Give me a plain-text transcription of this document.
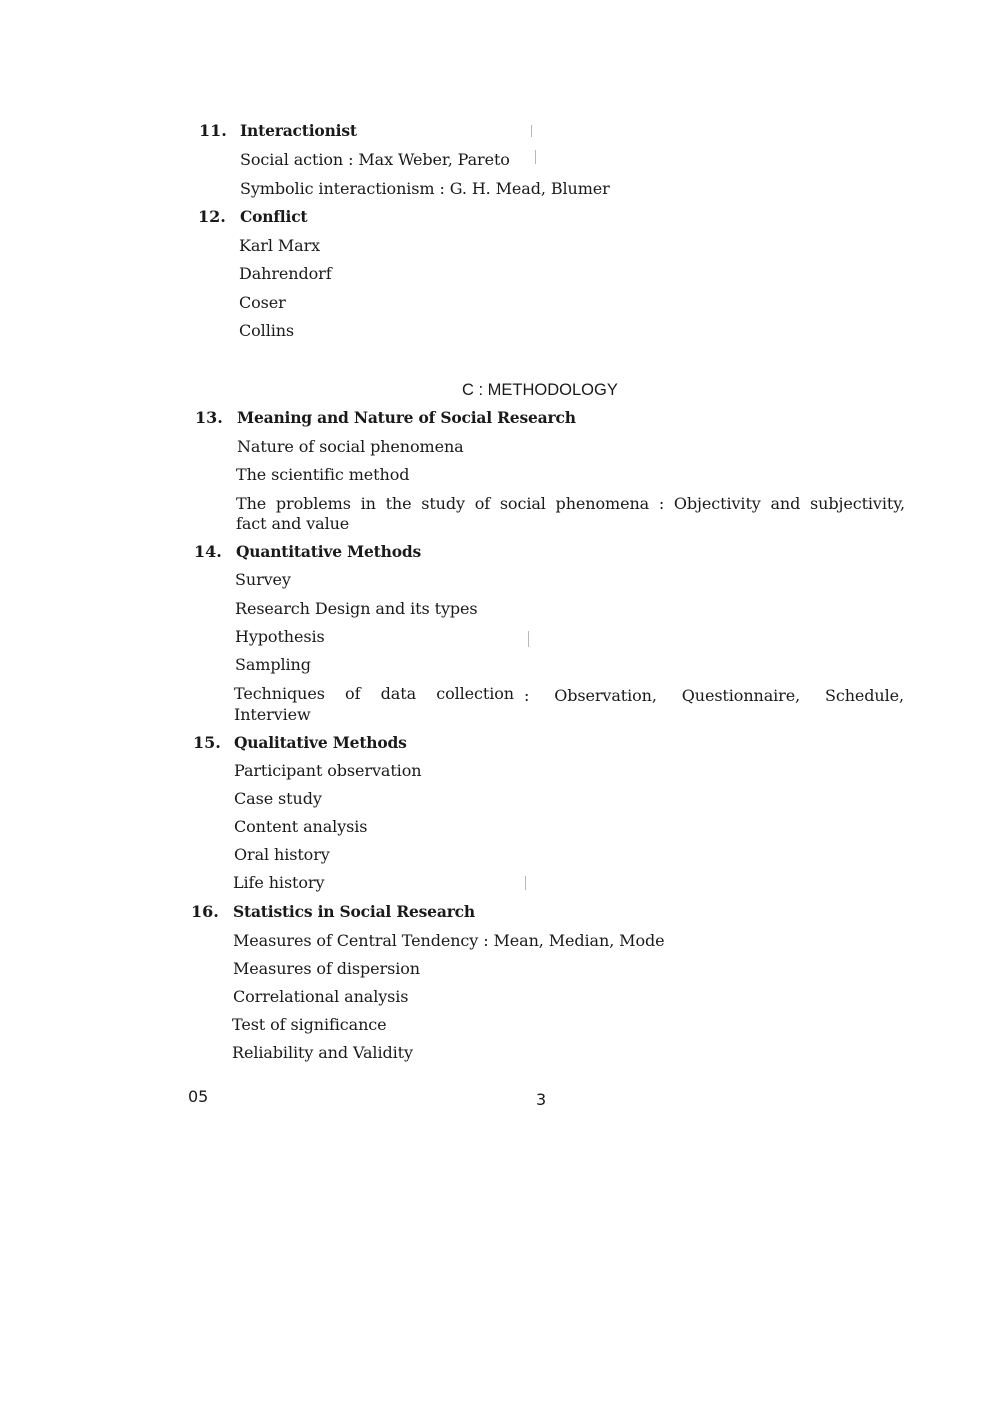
11. Interactionist
Social action : Max Weber, Pareto
Symbolic interactionism : G. H. Mead, Blumer
12. Conflict
Karl Marx
Dahrendorf
Coser
Collins
C : METHODOLOGY
13. Meaning and Nature of Social Research
Nature of social phenomena
The scientific method
The problems in the study of social phenomena : Objectivity and subjectivity,
fact and value
14. Quantitative Methods
Survey
Research Design and its types
Hypothesis
Sampling
Techniques of data collection : Observation, Questionnaire, Schedule,
Interview
15. Qualitative Methods
Participant observation
Case study
Content analysis
Oral history
Life history
16. Statistics in Social Research
Measures of Central Tendency : Mean, Median, Mode
Measures of dispersion
Correlational analysis
Test of significance
Reliability and Validity
05	3
